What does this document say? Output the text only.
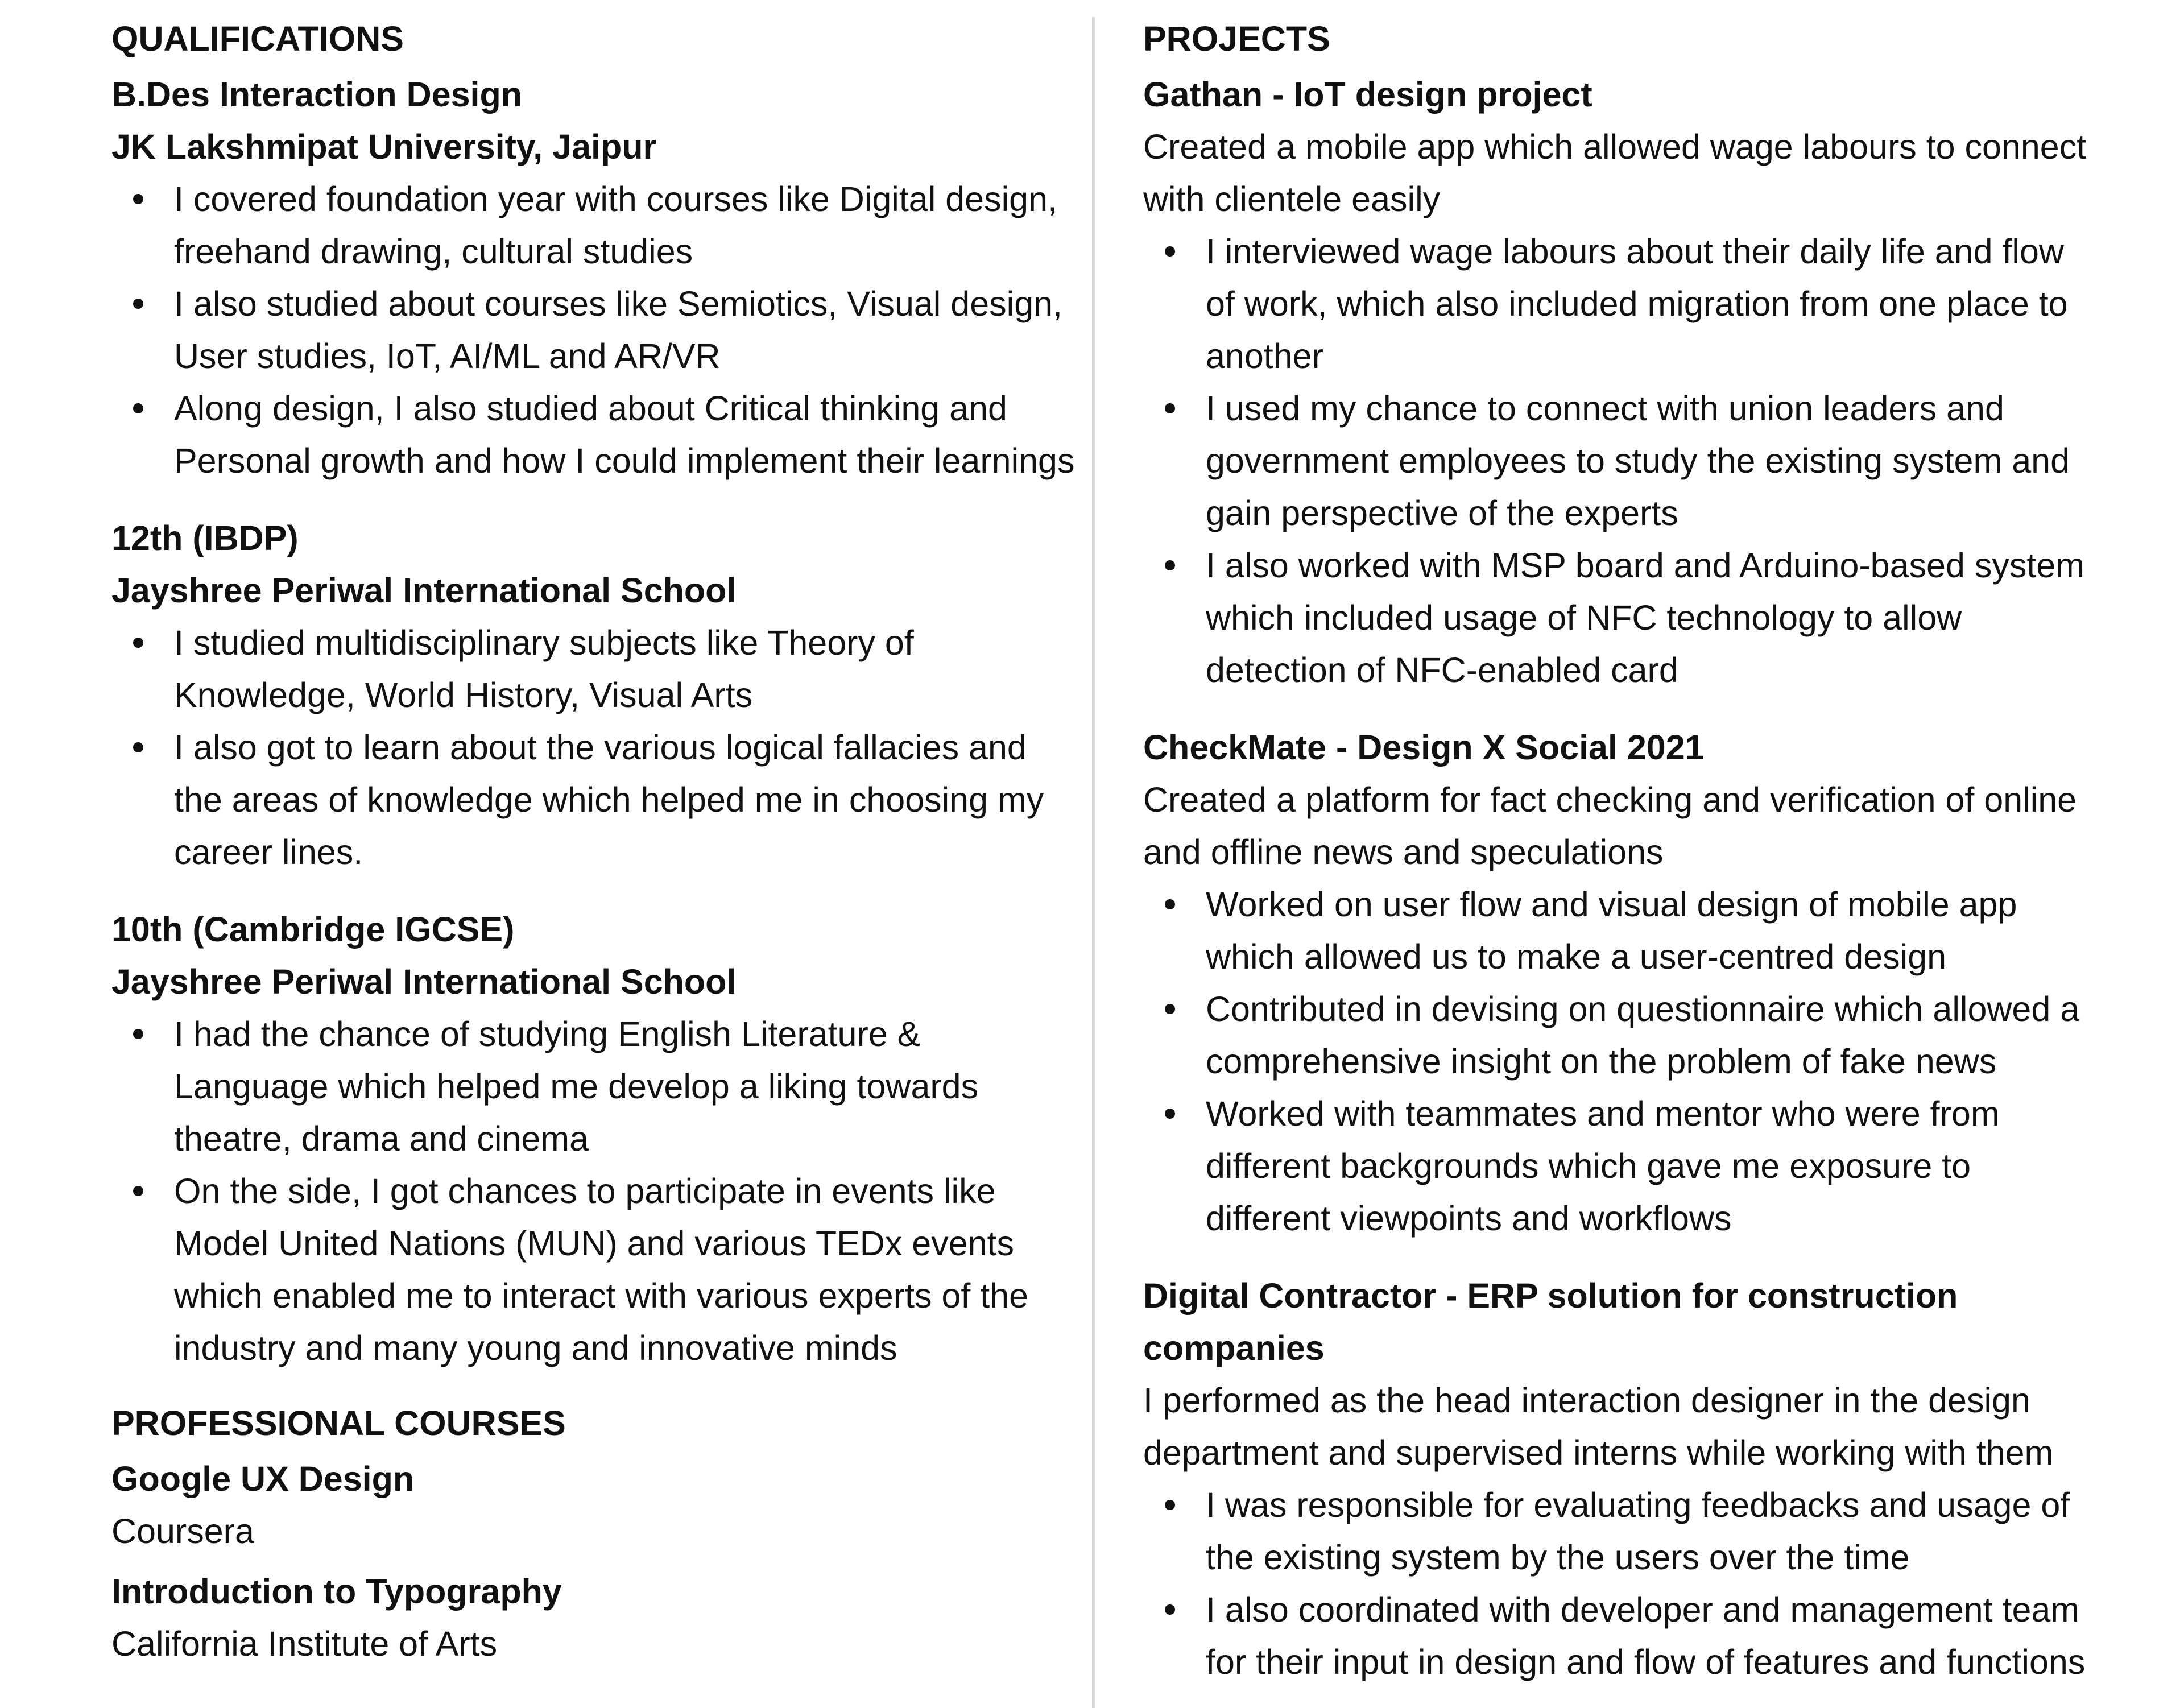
QUALIFICATIONS
B.Des Interaction Design
JK Lakshmipat University, Jaipur
I covered foundation year with courses like Digital design, freehand drawing, cultural studies
I also studied about courses like Semiotics, Visual design, User studies, IoT, AI/ML and AR/VR
Along design, I also studied about Critical thinking and Personal growth and how I could implement their learnings
12th (IBDP)
Jayshree Periwal International School
I studied multidisciplinary subjects like Theory of Knowledge, World History, Visual Arts
I also got to learn about the various logical fallacies and the areas of knowledge which helped me in choosing my career lines.
10th (Cambridge IGCSE)
Jayshree Periwal International School
I had the chance of studying English Literature & Language which helped me develop a liking towards theatre, drama and cinema
On the side, I got chances to participate in events like Model United Nations (MUN) and various TEDx events which enabled me to interact with various experts of the industry and many young and innovative minds
PROFESSIONAL COURSES
Google UX Design
Coursera
Introduction to Typography
California Institute of Arts
PROJECTS
Gathan - IoT design project
Created a mobile app which allowed wage labours to connect with clientele easily
I interviewed wage labours about their daily life and flow of work, which also included migration from one place to another
I used my chance to connect with union leaders and government employees to study the existing system and gain perspective of the experts
I also worked with MSP board and Arduino-based system which included usage of NFC technology to allow detection of NFC-enabled card
CheckMate - Design X Social 2021
Created a platform for fact checking and verification of online and offline news and speculations
Worked on user flow and visual design of mobile app which allowed us to make a user-centred design
Contributed in devising on questionnaire which allowed a comprehensive insight on the problem of fake news
Worked with teammates and mentor who were from different backgrounds which gave me exposure to different viewpoints and workflows
Digital Contractor - ERP solution for construction companies
I performed as the head interaction designer in the design department and supervised interns while working with them
I was responsible for evaluating feedbacks and usage of the existing system by the users over the time
I also coordinated with developer and management team for their input in design and flow of features and functions
